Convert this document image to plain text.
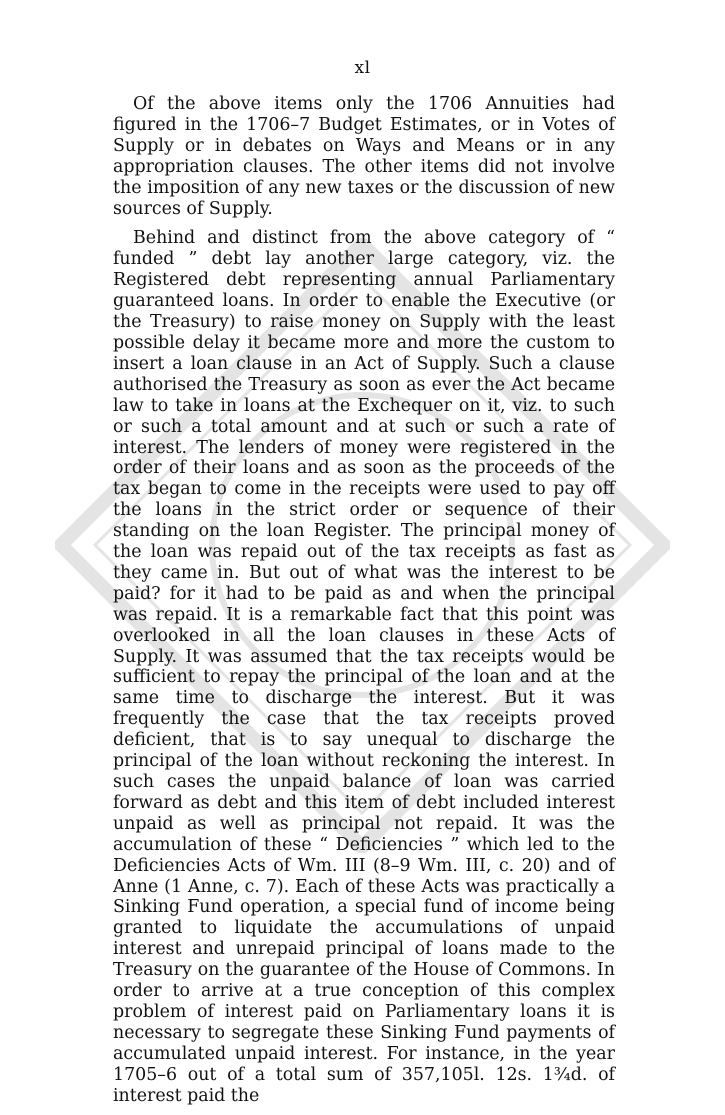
xl

Of the above items only the 1706 Annuities had figured in the 1706–7 Budget Estimates, or in Votes of Supply or in debates on Ways and Means or in any appropriation clauses. The other items did not involve the imposition of any new taxes or the discussion of new sources of Supply.

Behind and distinct from the above category of “ funded ” debt lay another large category, viz. the Registered debt representing annual Parliamentary guaranteed loans. In order to enable the Executive (or the Treasury) to raise money on Supply with the least possible delay it became more and more the custom to insert a loan clause in an Act of Supply. Such a clause authorised the Treasury as soon as ever the Act became law to take in loans at the Exchequer on it, viz. to such or such a total amount and at such or such a rate of interest. The lenders of money were registered in the order of their loans and as soon as the proceeds of the tax began to come in the receipts were used to pay off the loans in the strict order or sequence of their standing on the loan Register. The principal money of the loan was repaid out of the tax receipts as fast as they came in. But out of what was the interest to be paid? for it had to be paid as and when the principal was repaid. It is a remarkable fact that this point was overlooked in all the loan clauses in these Acts of Supply. It was assumed that the tax receipts would be sufficient to repay the principal of the loan and at the same time to discharge the interest. But it was frequently the case that the tax receipts proved deficient, that is to say unequal to discharge the principal of the loan without reckoning the interest. In such cases the unpaid balance of loan was carried forward as debt and this item of debt included interest unpaid as well as principal not repaid. It was the accumulation of these “ Deficiencies ” which led to the Deficiencies Acts of Wm. III (8–9 Wm. III, c. 20) and of Anne (1 Anne, c. 7). Each of these Acts was practically a Sinking Fund operation, a special fund of income being granted to liquidate the accumulations of unpaid interest and unrepaid principal of loans made to the Treasury on the guarantee of the House of Commons. In order to arrive at a true conception of this complex problem of interest paid on Parliamentary loans it is necessary to segregate these Sinking Fund payments of accumulated unpaid interest. For instance, in the year 1705–6 out of a total sum of 357,105l. 12s. 1¾d. of interest paid the
